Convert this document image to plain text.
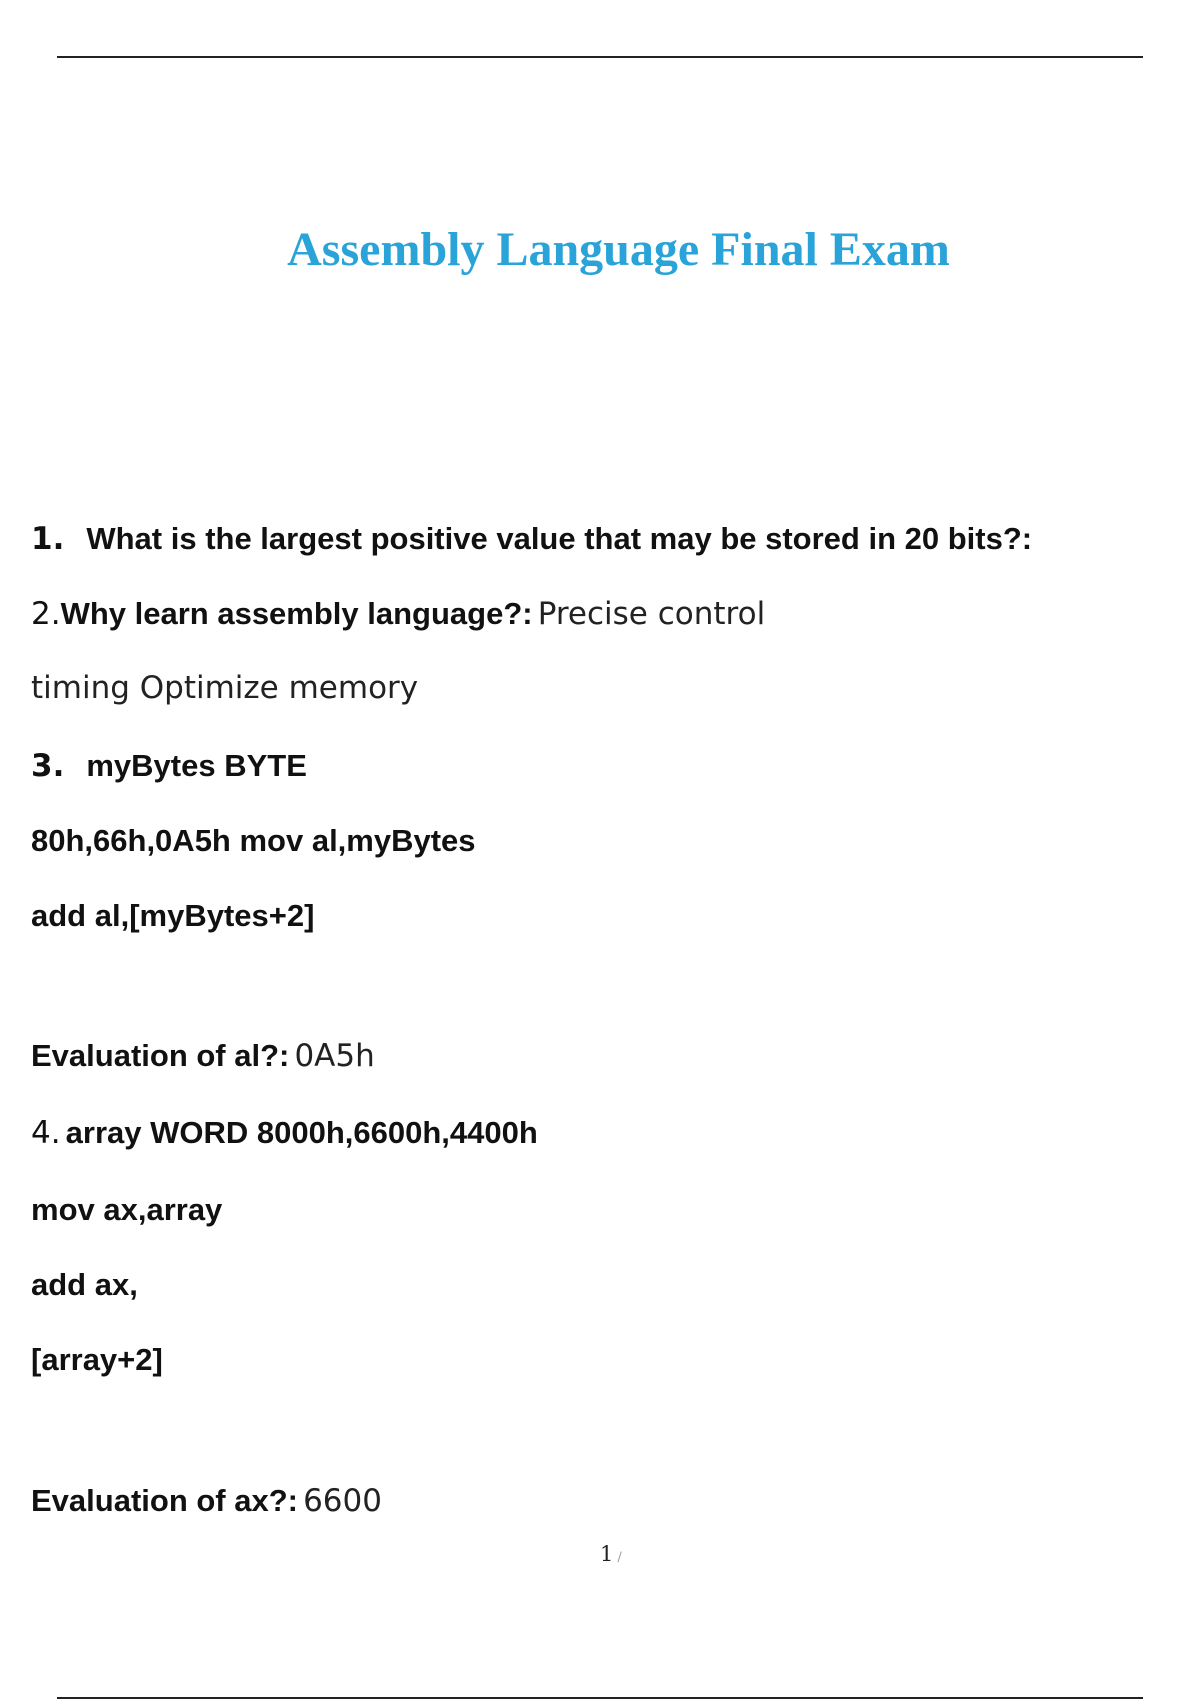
Assembly Language Final Exam
1. What is the largest positive value that may be stored in 20 bits?:
2.Why learn assembly language?: Precise control
timing Optimize memory
3. myBytes BYTE
80h,66h,0A5h mov al,myBytes
add al,[myBytes+2]
Evaluation of al?: 0A5h
4. array WORD 8000h,6600h,4400h
mov ax,array
add ax,
[array+2]
Evaluation of ax?: 6600
1 /
